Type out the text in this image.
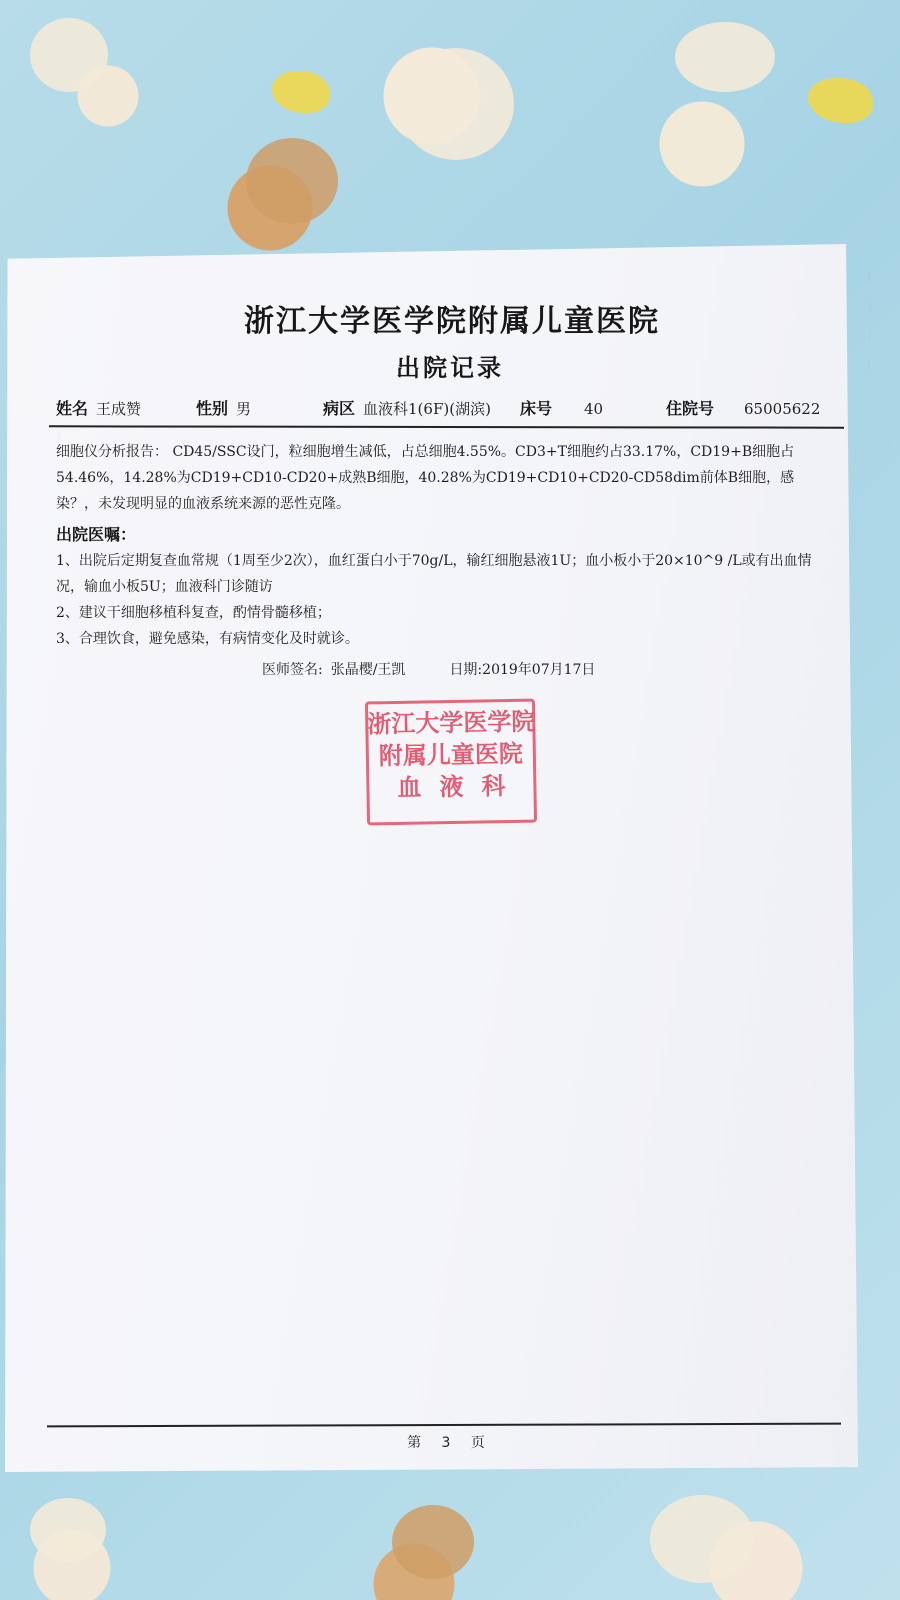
＿　　＿　　＿
＿　＿　＿　＿
浙江大学医学院附属儿童医院
出院记录
姓名 王成赞	性别 男	病区 血液科1(6F)(湖滨) 床号 40	住院号 65005622

细胞仪分析报告： CD45/SSC设门，粒细胞增生减低，占总细胞4.55%。CD3+T细胞约占33.17%，CD19+B细胞占54.46%，14.28%为CD19+CD10-CD20+成熟B细胞，40.28%为CD19+CD10+CD20-CD58dim前体B细胞，感染？，未发现明显的血液系统来源的恶性克隆。

出院医嘱：
1、出院后定期复查血常规（1周至少2次），血红蛋白小于70g/L，输红细胞悬液1U；血小板小于20×10^9 /L或有出血情况，输血小板5U；血液科门诊随访
2、建议干细胞移植科复查，酌情骨髓移植；
3、合理饮食，避免感染，有病情变化及时就诊。
医师签名: 张晶樱/王凯	日期:2019年07月17日
浙江大学医学院
附属儿童医院
血液科
第 3 页
